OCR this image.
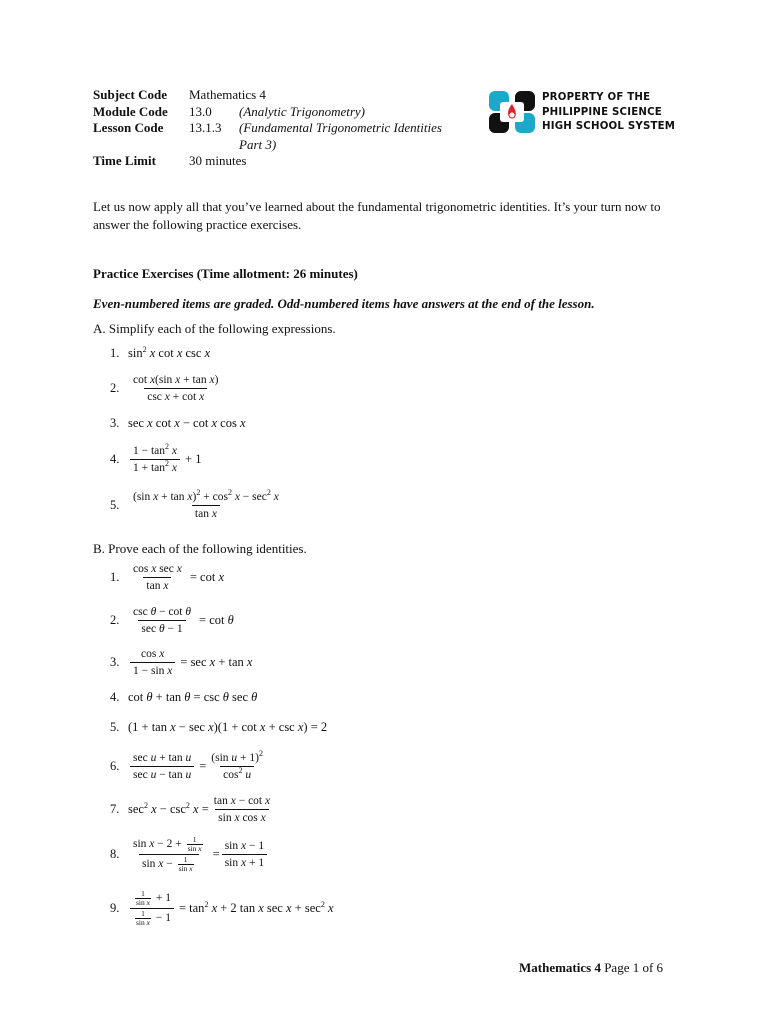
Subject Code	Mathematics 4	
Module Code	13.0	(Analytic Trigonometry)
Lesson Code	13.1.3	(Fundamental Trigonometric Identities
		Part 3)
Time Limit	30 minutes	
PROPERTY OF THE
PHILIPPINE SCIENCE
HIGH SCHOOL SYSTEM
Let us now apply all that you’ve learned about the fundamental trigonometric identities. It’s your turn now to answer the following practice exercises.
Practice Exercises (Time allotment: 26 minutes)
Even-numbered items are graded. Odd-numbered items have answers at the end of the lesson.
A. Simplify each of the following expressions.
1. $\sin^2 x$ cot x csc x
2. $\frac{\text{cot x(sin x + tan x)}}{\text{csc x + cot x}}$
3. sec x cot x − cot x cos x
4. $\frac{1 - \tan^2 x}{1 + \tan^2 x} + 1$
5. $\frac{(\sin x + \tan x)^2 + \cos^2 x - \sec^2 x}{\text{tan x}}$
B. Prove each of the following identities.
1. $\frac{\text{cos x sec x}}{\text{tan x}} = \cot x$
2. $\frac{\text{csc θ − cot θ}}{\text{sec θ − 1}} = \cot \theta$
3. $\frac{\text{cos x}}{\text{1 − sin x}} = \sec x + \tan x$
4. cot θ + tan θ = csc θ sec θ
5. (1 + tan x − sec x)(1 + cot x + csc x) = 2
6. $\frac{\text{sec u + tan u}}{\text{sec u − tan u}} = \frac{(\sin u + 1)^2}{\cos^2 u}$
7. $\sec^2 x - \csc^2 x = \frac{\text{tan x − cot x}}{\text{sin x cos x}}$
8. $\frac{\sin x - 2 + \frac{1}{\text{sin x}}}{\sin x - \frac{1}{\text{sin x}}} = \frac{\text{sin x − 1}}{\text{sin x + 1}}$
9.	$\frac{\frac{1}{\text{sin x}} + 1}{\frac{1}{\text{sin x}} - 1} = \tan^2 x + 2$ tan x $\sec x + \sec^2 x$
Mathematics 4 Page 1 of 6
